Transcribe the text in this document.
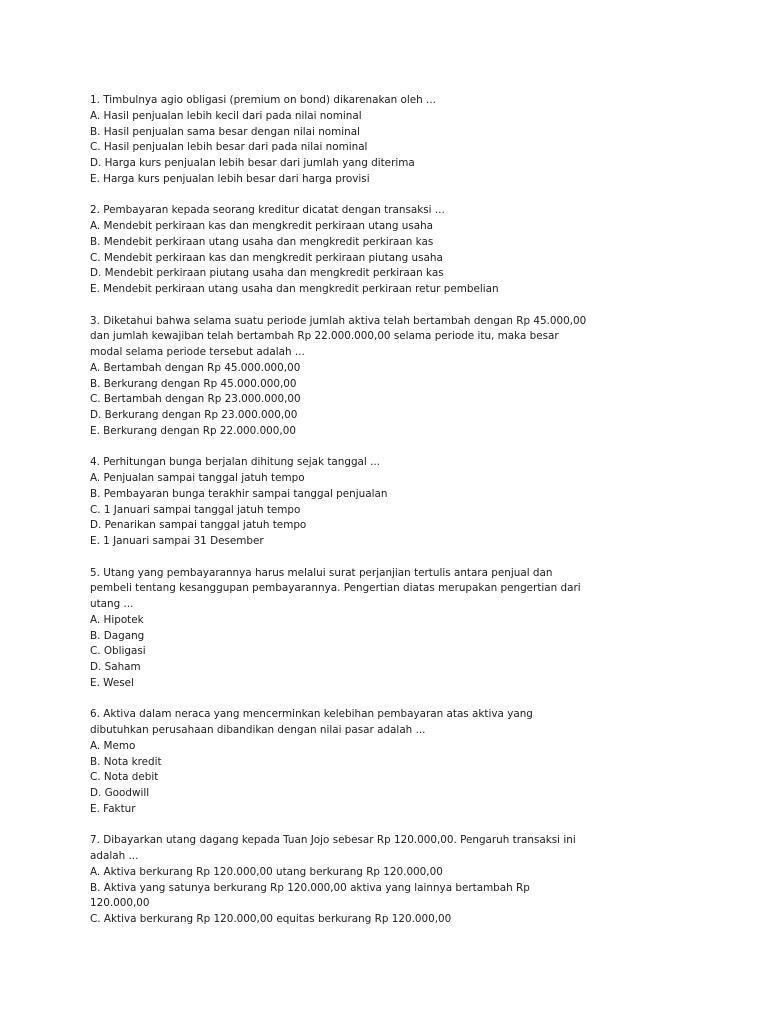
1. Timbulnya agio obligasi (premium on bond) dikarenakan oleh ...
A. Hasil penjualan lebih kecil dari pada nilai nominal
B. Hasil penjualan sama besar dengan nilai nominal
C. Hasil penjualan lebih besar dari pada nilai nominal
D. Harga kurs penjualan lebih besar dari jumlah yang diterima
E. Harga kurs penjualan lebih besar dari harga provisi
2. Pembayaran kepada seorang kreditur dicatat dengan transaksi ...
A. Mendebit perkiraan kas dan mengkredit perkiraan utang usaha
B. Mendebit perkiraan utang usaha dan mengkredit perkiraan kas
C. Mendebit perkiraan kas dan mengkredit perkiraan piutang usaha
D. Mendebit perkiraan piutang usaha dan mengkredit perkiraan kas
E. Mendebit perkiraan utang usaha dan mengkredit perkiraan retur pembelian
3. Diketahui bahwa selama suatu periode jumlah aktiva telah bertambah dengan Rp 45.000,00
dan jumlah kewajiban telah bertambah Rp 22.000.000,00 selama periode itu, maka besar
modal selama periode tersebut adalah ...
A. Bertambah dengan Rp 45.000.000,00
B. Berkurang dengan Rp 45.000.000,00
C. Bertambah dengan Rp 23.000.000,00
D. Berkurang dengan Rp 23.000.000,00
E. Berkurang dengan Rp 22.000.000,00
4. Perhitungan bunga berjalan dihitung sejak tanggal ...
A. Penjualan sampai tanggal jatuh tempo
B. Pembayaran bunga terakhir sampai tanggal penjualan
C. 1 Januari sampai tanggal jatuh tempo
D. Penarikan sampai tanggal jatuh tempo
E. 1 Januari sampai 31 Desember
5. Utang yang pembayarannya harus melalui surat perjanjian tertulis antara penjual dan
pembeli tentang kesanggupan pembayarannya. Pengertian diatas merupakan pengertian dari
utang ...
A. Hipotek
B. Dagang
C. Obligasi
D. Saham
E. Wesel
6. Aktiva dalam neraca yang mencerminkan kelebihan pembayaran atas aktiva yang
dibutuhkan perusahaan dibandikan dengan nilai pasar adalah ...
A. Memo
B. Nota kredit
C. Nota debit
D. Goodwill
E. Faktur
7. Dibayarkan utang dagang kepada Tuan Jojo sebesar Rp 120.000,00. Pengaruh transaksi ini
adalah ...
A. Aktiva berkurang Rp 120.000,00 utang berkurang Rp 120.000,00
B. Aktiva yang satunya berkurang Rp 120.000,00 aktiva yang lainnya bertambah Rp
120.000,00
C. Aktiva berkurang Rp 120.000,00 equitas berkurang Rp 120.000,00
